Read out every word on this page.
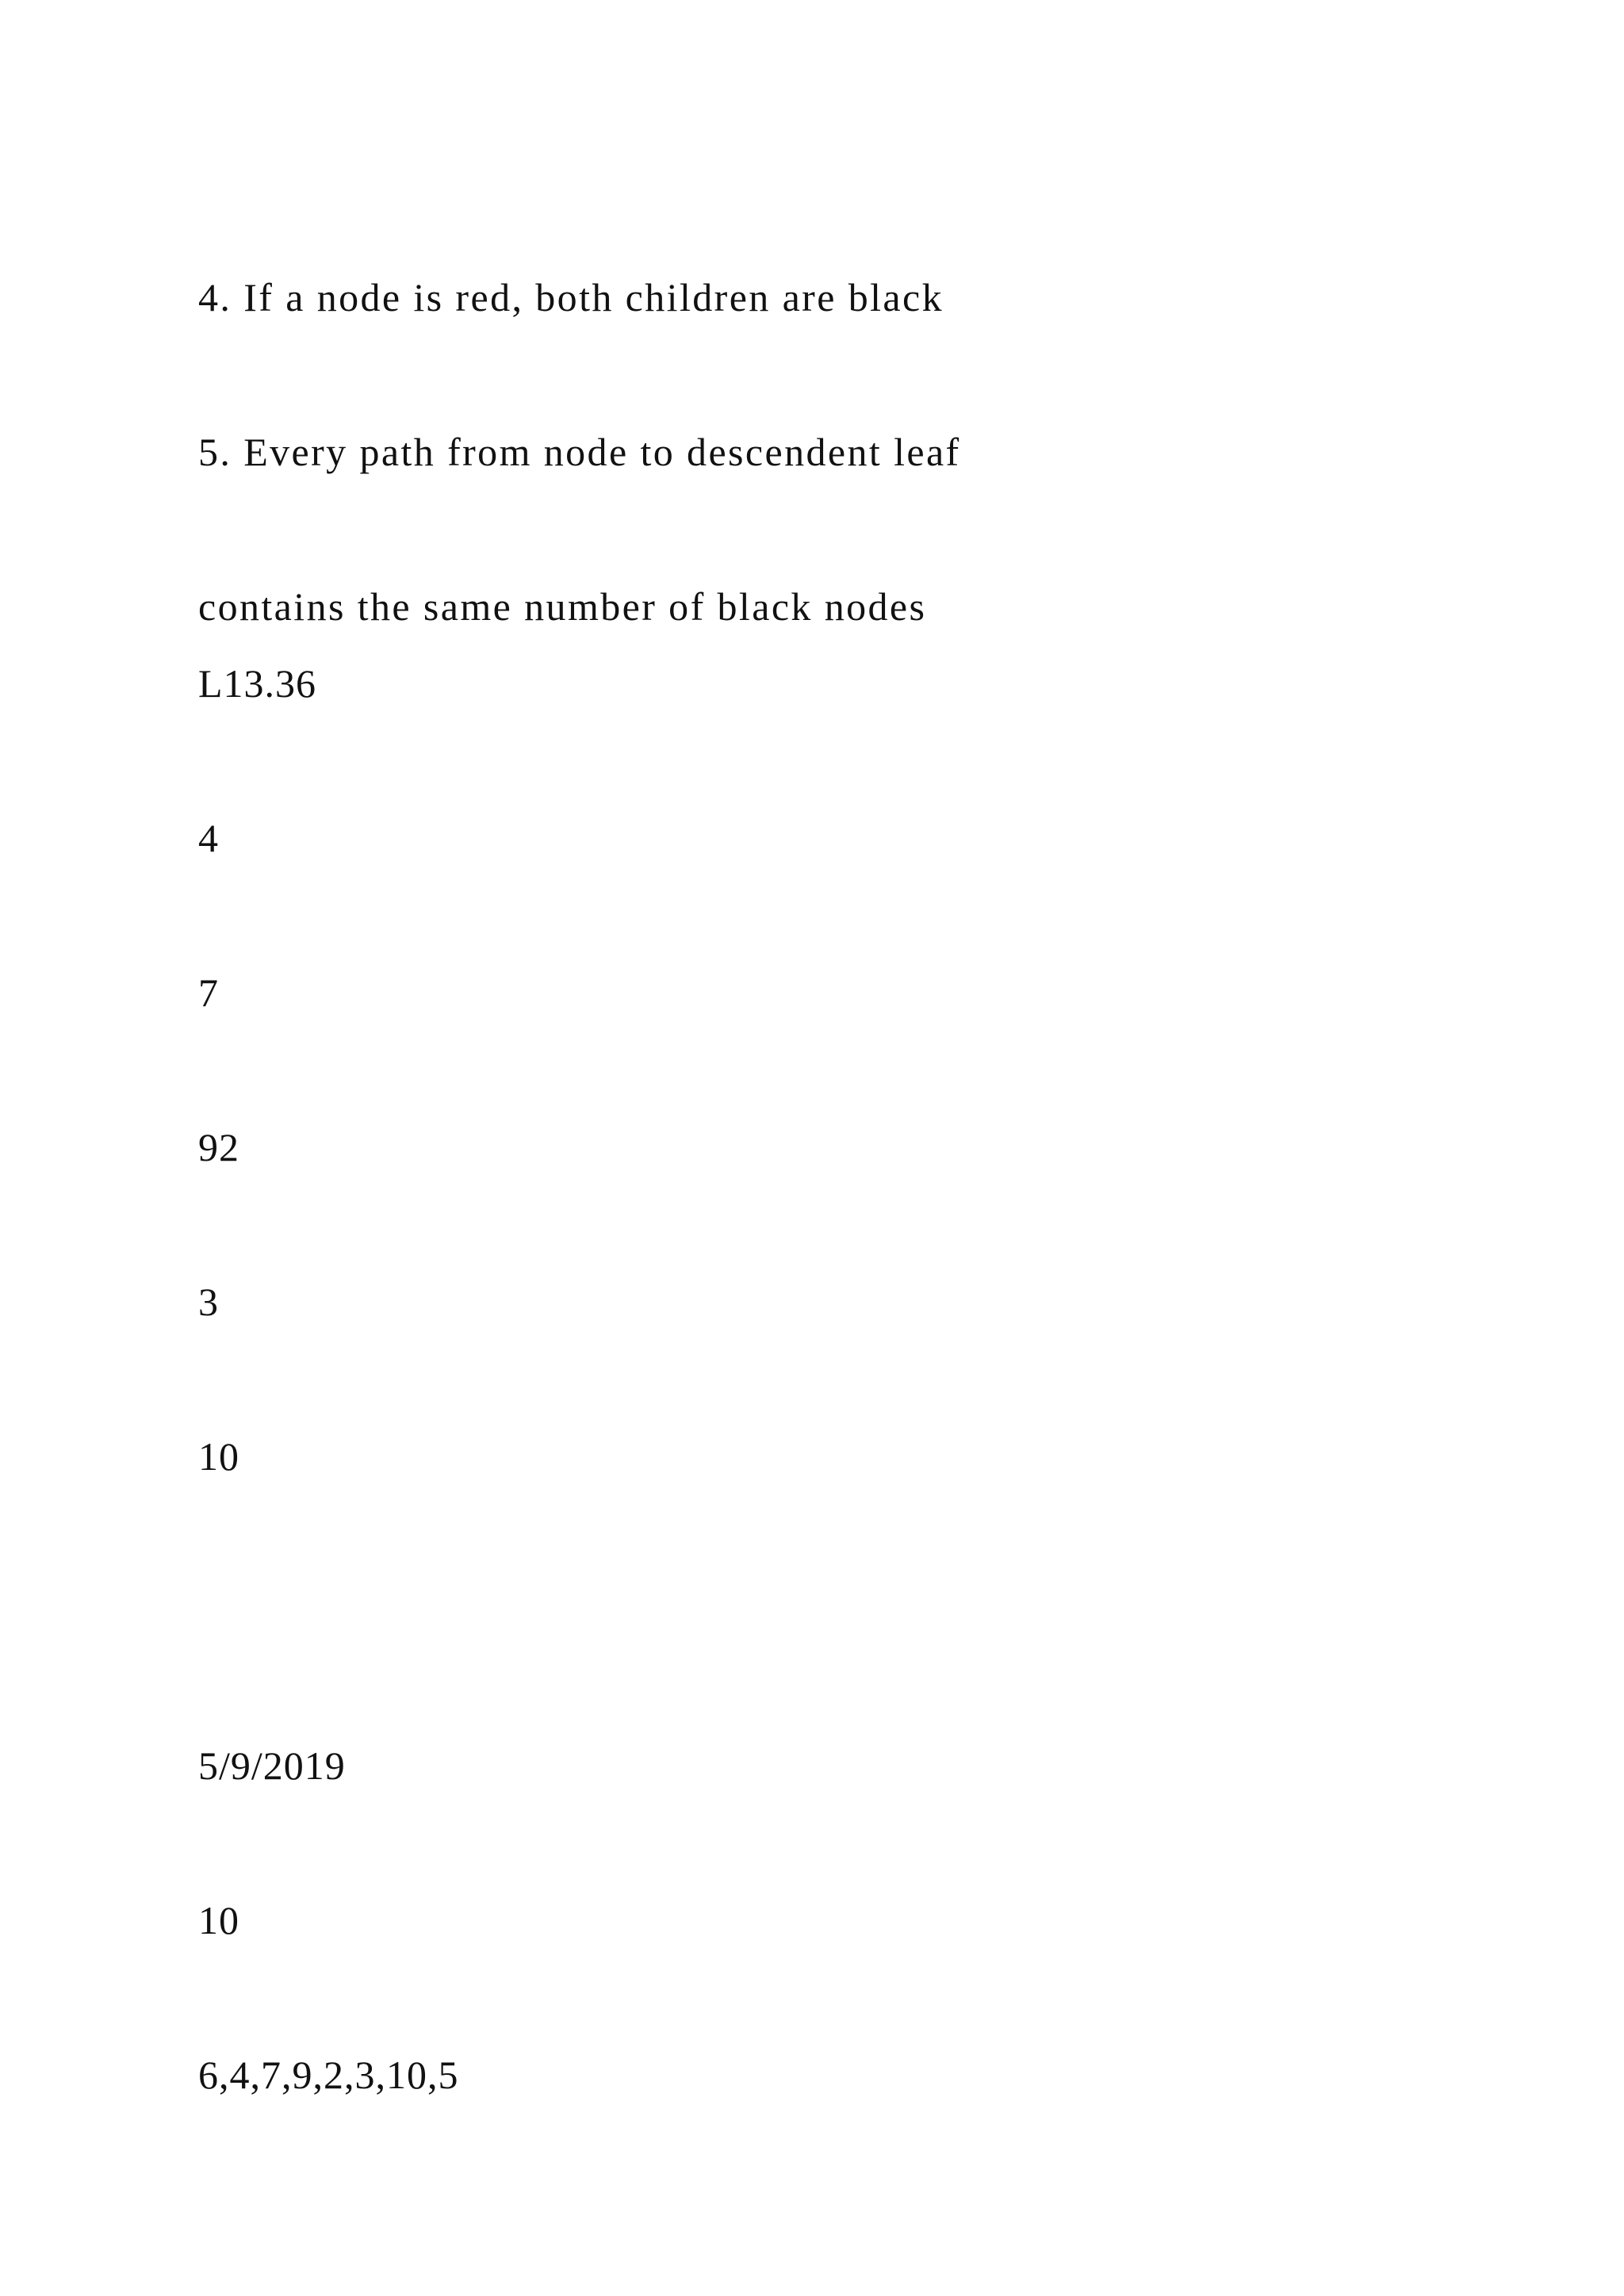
4. If a node is red, both children are black

5. Every path from node to descendent leaf

contains the same number of black nodes

L13.36

4

7

92

3

10

5/9/2019

10

6,4,7,9,2,3,10,5
